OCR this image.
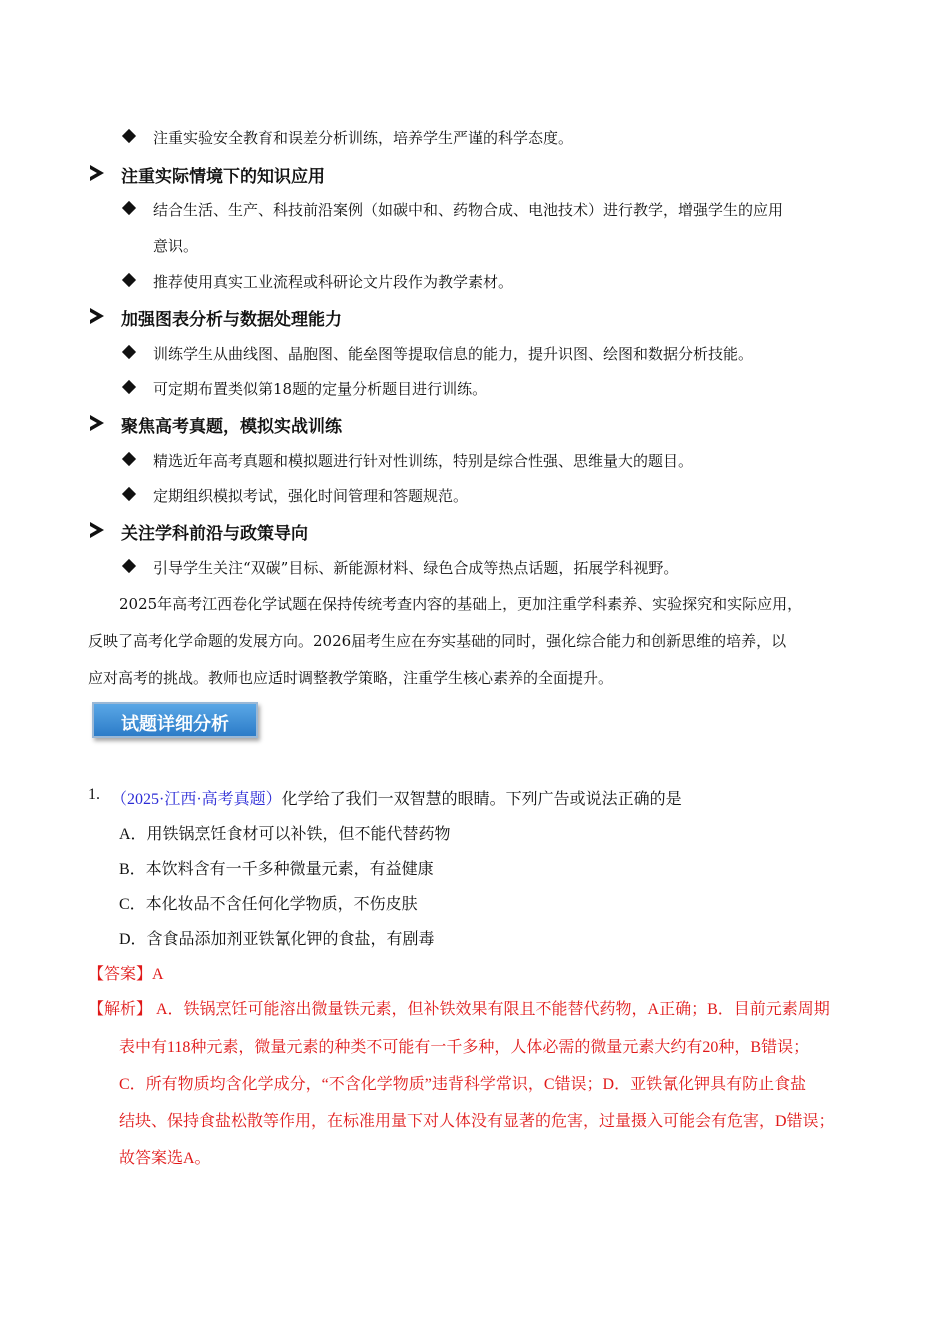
注重实验安全教育和误差分析训练，培养学生严谨的科学态度。
注重实际情境下的知识应用
结合生活、生产、科技前沿案例（如碳中和、药物合成、电池技术）进行教学，增强学生的应用
意识。
推荐使用真实工业流程或科研论文片段作为教学素材。
加强图表分析与数据处理能力
训练学生从曲线图、晶胞图、能垒图等提取信息的能力，提升识图、绘图和数据分析技能。
可定期布置类似第18题的定量分析题目进行训练。
聚焦高考真题，模拟实战训练
精选近年高考真题和模拟题进行针对性训练，特别是综合性强、思维量大的题目。
定期组织模拟考试，强化时间管理和答题规范。
关注学科前沿与政策导向
引导学生关注“双碳”目标、新能源材料、绿色合成等热点话题，拓展学科视野。
2025年高考江西卷化学试题在保持传统考查内容的基础上，更加注重学科素养、实验探究和实际应用，
反映了高考化学命题的发展方向。2026届考生应在夯实基础的同时，强化综合能力和创新思维的培养，以
应对高考的挑战。教师也应适时调整教学策略，注重学生核心素养的全面提升。
试题详细分析
1. （2025·江西·高考真题）化学给了我们一双智慧的眼睛。下列广告或说法正确的是
A．用铁锅烹饪食材可以补铁，但不能代替药物
B．本饮料含有一千多种微量元素，有益健康
C．本化妆品不含任何化学物质，不伤皮肤
D．含食品添加剂亚铁氰化钾的食盐，有剧毒
【答案】A
【解析】 A．铁锅烹饪可能溶出微量铁元素，但补铁效果有限且不能替代药物，A正确；B．目前元素周期
表中有118种元素，微量元素的种类不可能有一千多种，人体必需的微量元素大约有20种，B错误；
C．所有物质均含化学成分，“不含化学物质”违背科学常识，C错误；D．亚铁氰化钾具有防止食盐
结块、保持食盐松散等作用，在标准用量下对人体没有显著的危害，过量摄入可能会有危害，D错误；
故答案选A。
